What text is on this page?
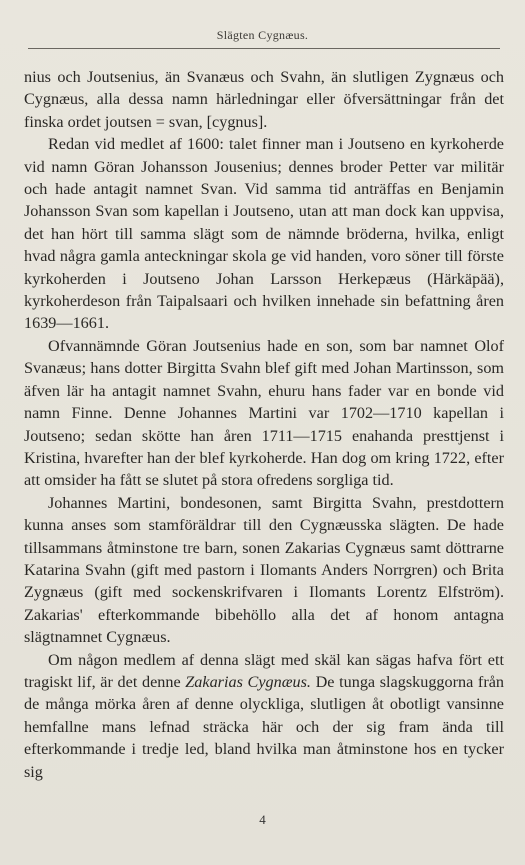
Slägten Cygnæus.

nius och Joutsenius, än Svanæus och Svahn, än slutligen Zygnæus och Cygnæus, alla dessa namn härledningar eller öfversättningar från det finska ordet joutsen = svan, [cygnus].

Redan vid medlet af 1600: talet finner man i Joutseno en kyrkoherde vid namn Göran Johansson Jousenius; dennes broder Petter var militär och hade antagit namnet Svan. Vid samma tid anträffas en Benjamin Johansson Svan som kapellan i Joutseno, utan att man dock kan uppvisa, det han hört till samma slägt som de nämnde bröderna, hvilka, enligt hvad några gamla anteckningar skola ge vid handen, voro söner till förste kyrkoherden i Joutseno Johan Larsson Herkepæus (Härkäpää), kyrkoherdeson från Taipalsaari och hvilken innehade sin befattning åren 1639—1661.

Ofvannämnde Göran Joutsenius hade en son, som bar namnet Olof Svanæus; hans dotter Birgitta Svahn blef gift med Johan Martinsson, som äfven lär ha antagit namnet Svahn, ehuru hans fader var en bonde vid namn Finne. Denne Johannes Martini var 1702—1710 kapellan i Joutseno; sedan skötte han åren 1711—1715 enahanda presttjenst i Kristina, hvarefter han der blef kyrkoherde. Han dog om kring 1722, efter att omsider ha fått se slutet på stora ofredens sorgliga tid.

Johannes Martini, bondesonen, samt Birgitta Svahn, prestdottern kunna anses som stamföräldrar till den Cygnæusska slägten. De hade tillsammans åtminstone tre barn, sonen Zakarias Cygnæus samt döttrarne Katarina Svahn (gift med pastorn i Ilomants Anders Norrgren) och Brita Zygnæus (gift med sockenskrifvaren i Ilomants Lorentz Elfström). Zakarias' efterkommande bibehöllo alla det af honom antagna slägtnamnet Cygnæus.

Om någon medlem af denna slägt med skäl kan sägas hafva fört ett tragiskt lif, är det denne Zakarias Cygnæus. De tunga slagskuggorna från de många mörka åren af denne olyckliga, slutligen åt obotligt vansinne hemfallne mans lefnad sträcka här och der sig fram ända till efterkommande i tredje led, bland hvilka man åtminstone hos en tycker sig

4
